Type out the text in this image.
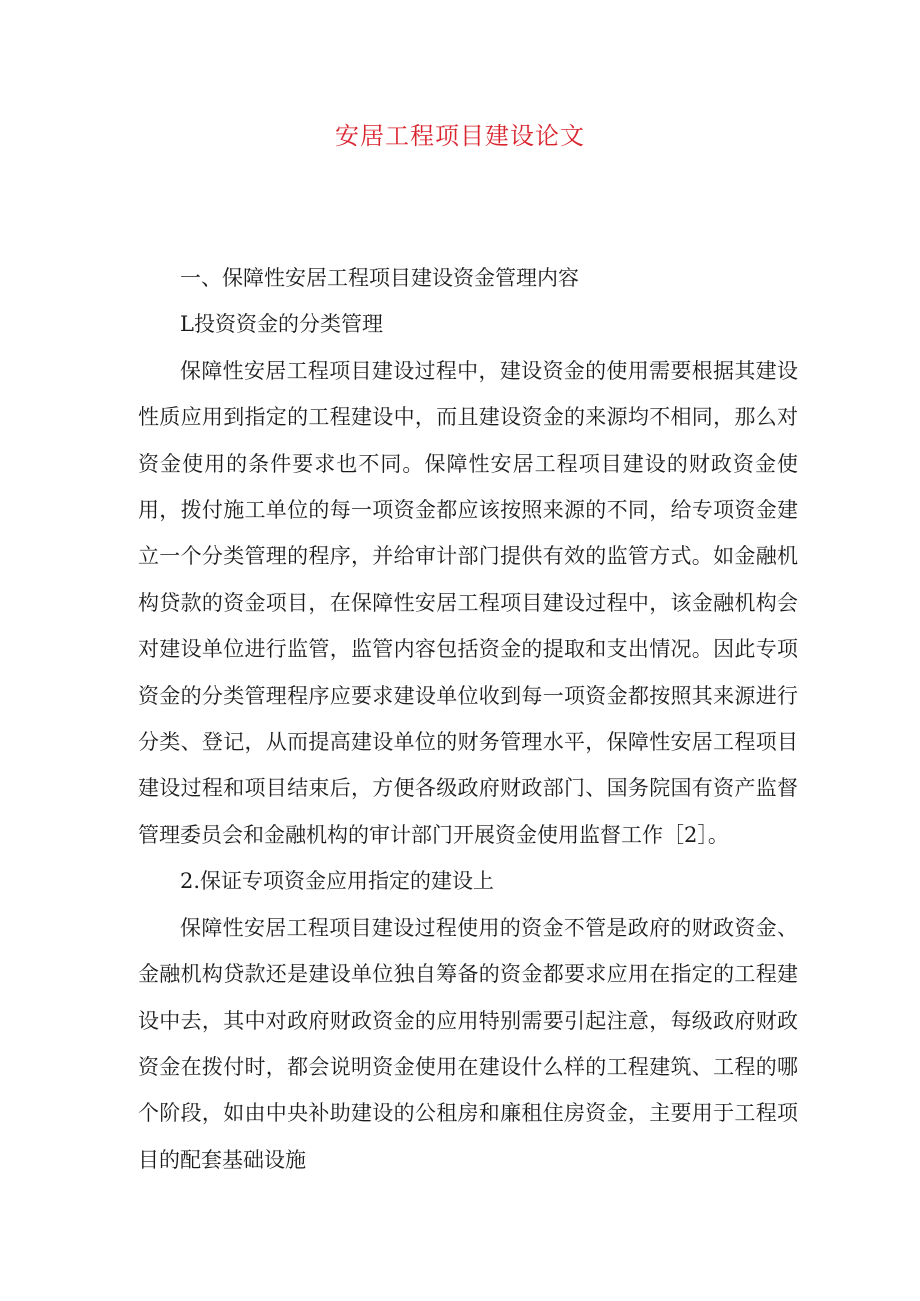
安居工程项目建设论文

一、保障性安居工程项目建设资金管理内容

L投资资金的分类管理

保障性安居工程项目建设过程中，建设资金的使用需要根据其建设性质应用到指定的工程建设中，而且建设资金的来源均不相同，那么对资金使用的条件要求也不同。保障性安居工程项目建设的财政资金使用，拨付施工单位的每一项资金都应该按照来源的不同，给专项资金建立一个分类管理的程序，并给审计部门提供有效的监管方式。如金融机构贷款的资金项目，在保障性安居工程项目建设过程中，该金融机构会对建设单位进行监管，监管内容包括资金的提取和支出情况。因此专项资金的分类管理程序应要求建设单位收到每一项资金都按照其来源进行分类、登记，从而提高建设单位的财务管理水平，保障性安居工程项目建设过程和项目结束后，方便各级政府财政部门、国务院国有资产监督管理委员会和金融机构的审计部门开展资金使用监督工作［2］。

2.保证专项资金应用指定的建设上

保障性安居工程项目建设过程使用的资金不管是政府的财政资金、金融机构贷款还是建设单位独自筹备的资金都要求应用在指定的工程建设中去，其中对政府财政资金的应用特别需要引起注意，每级政府财政资金在拨付时，都会说明资金使用在建设什么样的工程建筑、工程的哪个阶段，如由中央补助建设的公租房和廉租住房资金，主要用于工程项目的配套基础设施
